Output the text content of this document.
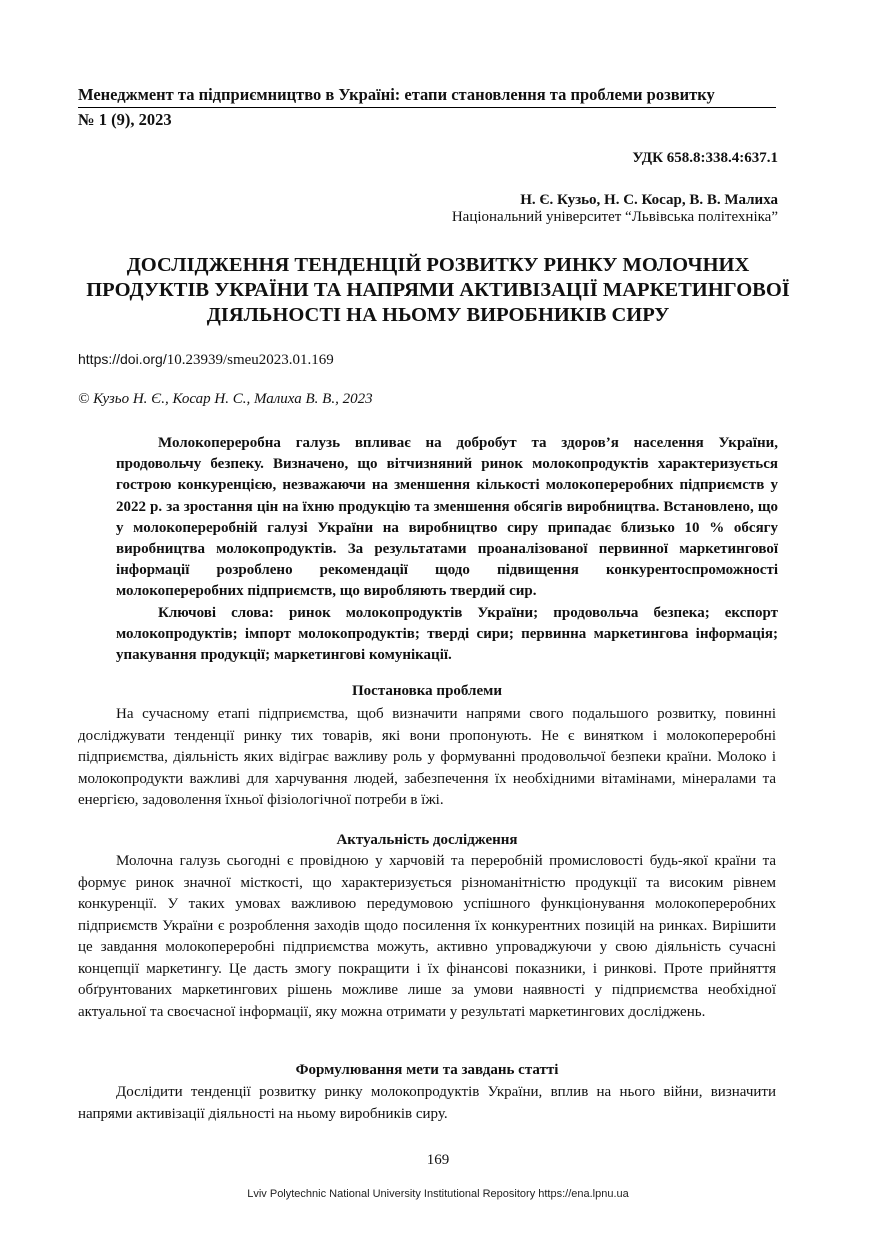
Менеджмент та підприємництво в Україні: етапи становлення та проблеми розвитку
№ 1 (9), 2023
УДК 658.8:338.4:637.1
Н. Є. Кузьо, Н. С. Косар, В. В. Малиха
Національний університет “Львівська політехніка”
ДОСЛІДЖЕННЯ ТЕНДЕНЦІЙ РОЗВИТКУ РИНКУ МОЛОЧНИХ ПРОДУКТІВ УКРАЇНИ ТА НАПРЯМИ АКТИВІЗАЦІЇ МАРКЕТИНГОВОЇ ДІЯЛЬНОСТІ НА НЬОМУ ВИРОБНИКІВ СИРУ
https://doi.org/10.23939/smeu2023.01.169
© Кузьо Н. Є., Косар Н. С., Малиха В. В., 2023

Молокопереробна галузь впливає на добробут та здоров’я населення України, продовольчу безпеку. Визначено, що вітчизняний ринок молокопродуктів характеризується гострою конкуренцією, незважаючи на зменшення кількості молокопереробних підприємств у 2022 р. за зростання цін на їхню продукцію та зменшення обсягів виробництва. Встановлено, що у молокопереробній галузі України на виробництво сиру припадає близько 10 % обсягу виробництва молокопродуктів. За результатами проаналізованої первинної маркетингової інформації розроблено рекомендації щодо підвищення конкурентоспроможності молокопереробних підприємств, що виробляють твердий сир.

Ключові слова: ринок молокопродуктів України; продовольча безпека; експорт молокопродуктів; імпорт молокопродуктів; тверді сири; первинна маркетингова інформація; упакування продукції; маркетингові комунікації.

Постановка проблеми

На сучасному етапі підприємства, щоб визначити напрями свого подальшого розвитку, повинні досліджувати тенденції ринку тих товарів, які вони пропонують. Не є винятком і молокопереробні підприємства, діяльність яких відіграє важливу роль у формуванні продовольчої безпеки країни. Молоко і молокопродукти важливі для харчування людей, забезпечення їх необхідними вітамінами, мінералами та енергією, задоволення їхньої фізіологічної потреби в їжі.

Актуальність дослідження

Молочна галузь сьогодні є провідною у харчовій та переробній промисловості будь-якої країни та формує ринок значної місткості, що характеризується різноманітністю продукції та високим рівнем конкуренції. У таких умовах важливою передумовою успішного функціонування молокопереробних підприємств України є розроблення заходів щодо посилення їх конкурентних позицій на ринках. Вирішити це завдання молокопереробні підприємства можуть, активно упроваджуючи у свою діяльність сучасні концепції маркетингу. Це дасть змогу покращити і їх фінансові показники, і ринкові. Проте прийняття обґрунтованих маркетингових рішень можливе лише за умови наявності у підприємства необхідної актуальної та своєчасної інформації, яку можна отримати у результаті маркетингових досліджень.

Формулювання мети та завдань статті

Дослідити тенденції розвитку ринку молокопродуктів України, вплив на нього війни, визначити напрями активізації діяльності на ньому виробників сиру.

169
Lviv Polytechnic National University Institutional Repository https://ena.lpnu.ua
